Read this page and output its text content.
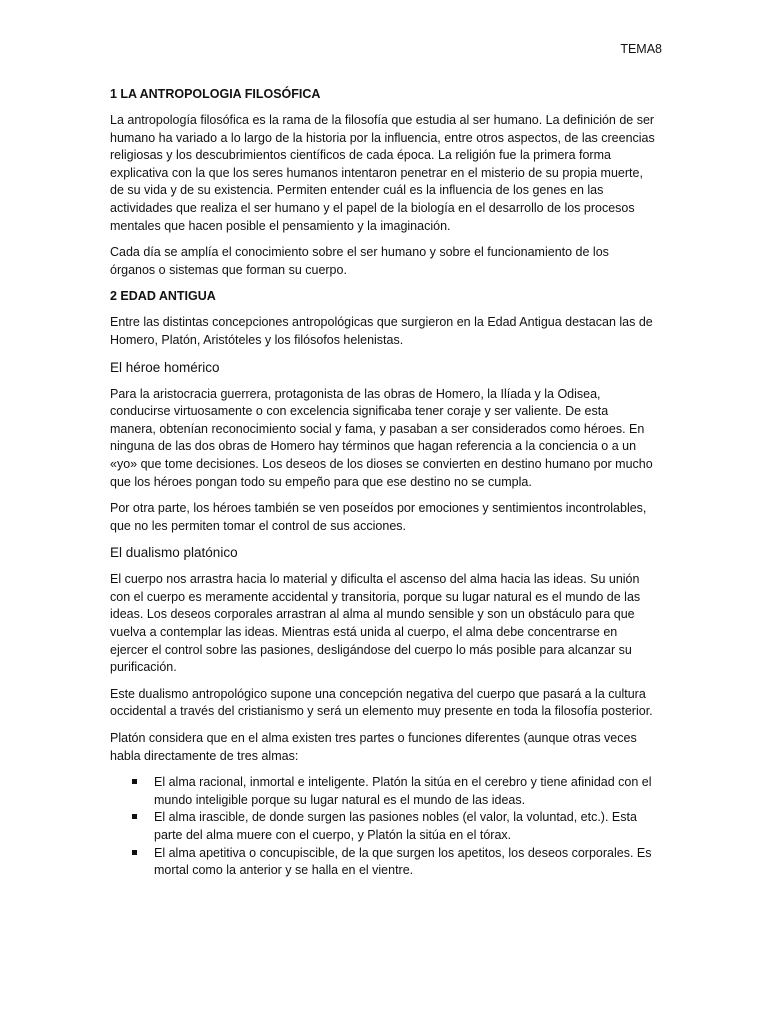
TEMA8
1 LA ANTROPOLOGIA FILOSÓFICA

La antropología filosófica es la rama de la filosofía que estudia al ser humano. La definición de ser humano ha variado a lo largo de la historia por la influencia, entre otros aspectos, de las creencias religiosas y los descubrimientos científicos de cada época. La religión fue la primera forma explicativa con la que los seres humanos intentaron penetrar en el misterio de su propia muerte, de su vida y de su existencia. Permiten entender cuál es la influencia de los genes en las actividades que realiza el ser humano y el papel de la biología en el desarrollo de los procesos mentales que hacen posible el pensamiento y la imaginación.

Cada día se amplía el conocimiento sobre el ser humano y sobre el funcionamiento de los órganos o sistemas que forman su cuerpo.

2 EDAD ANTIGUA

Entre las distintas concepciones antropológicas que surgieron en la Edad Antigua destacan las de Homero, Platón, Aristóteles y los filósofos helenistas.

El héroe homérico

Para la aristocracia guerrera, protagonista de las obras de Homero, la Ilíada y la Odisea, conducirse virtuosamente o con excelencia significaba tener coraje y ser valiente. De esta manera, obtenían reconocimiento social y fama, y pasaban a ser considerados como héroes. En ninguna de las dos obras de Homero hay términos que hagan referencia a la conciencia o a un «yo» que tome decisiones. Los deseos de los dioses se convierten en destino humano por mucho que los héroes pongan todo su empeño para que ese destino no se cumpla.

Por otra parte, los héroes también se ven poseídos por emociones y sentimientos incontrolables, que no les permiten tomar el control de sus acciones.

El dualismo platónico

El cuerpo nos arrastra hacia lo material y dificulta el ascenso del alma hacia las ideas. Su unión con el cuerpo es meramente accidental y transitoria, porque su lugar natural es el mundo de las ideas. Los deseos corporales arrastran al alma al mundo sensible y son un obstáculo para que vuelva a contemplar las ideas. Mientras está unida al cuerpo, el alma debe concentrarse en ejercer el control sobre las pasiones, desligándose del cuerpo lo más posible para alcanzar su purificación.

Este dualismo antropológico supone una concepción negativa del cuerpo que pasará a la cultura occidental a través del cristianismo y será un elemento muy presente en toda la filosofía posterior.

Platón considera que en el alma existen tres partes o funciones diferentes (aunque otras veces habla directamente de tres almas:

El alma racional, inmortal e inteligente. Platón la sitúa en el cerebro y tiene afinidad con el mundo inteligible porque su lugar natural es el mundo de las ideas.
El alma irascible, de donde surgen las pasiones nobles (el valor, la voluntad, etc.). Esta parte del alma muere con el cuerpo, y Platón la sitúa en el tórax.
El alma apetitiva o concupiscible, de la que surgen los apetitos, los deseos corporales. Es mortal como la anterior y se halla en el vientre.
